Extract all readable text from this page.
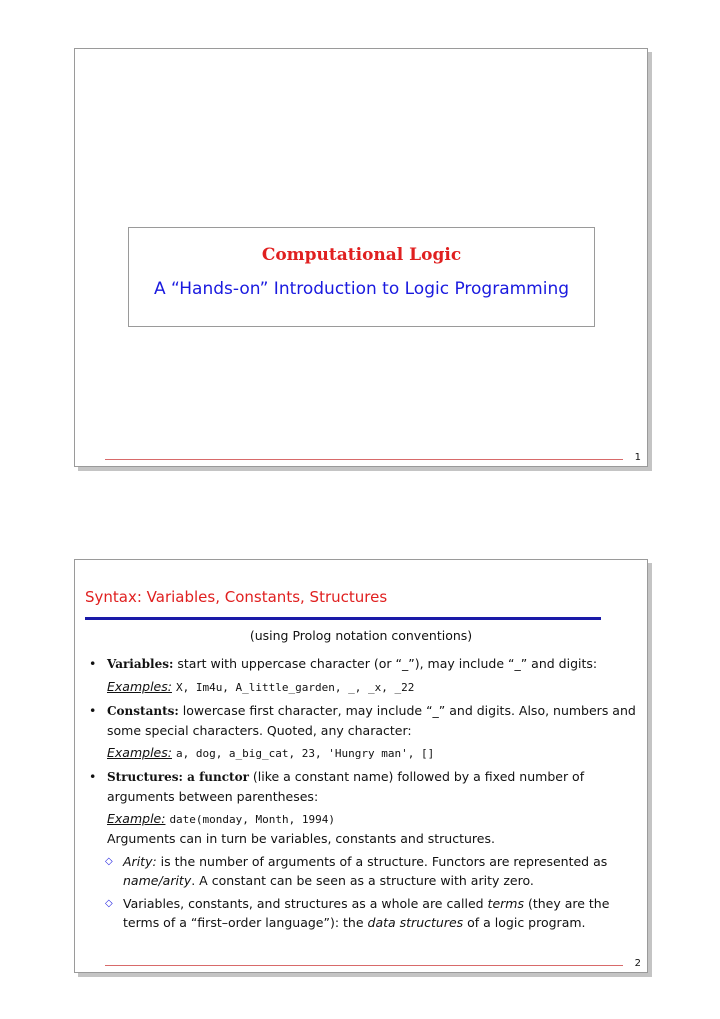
Computational Logic
A “Hands-on” Introduction to Logic Programming
1
Syntax: Variables, Constants, Structures
(using Prolog notation conventions)
• Variables: start with uppercase character (or “_”), may include “_” and digits:
Examples: X, Im4u, A_little_garden, _, _x, _22
• Constants: lowercase first character, may include “_” and digits. Also, numbers and some special characters. Quoted, any character:
Examples: a, dog, a_big_cat, 23, 'Hungry man', []
• Structures: a functor (like a constant name) followed by a fixed number of arguments between parentheses:
Example: date(monday, Month, 1994)
Arguments can in turn be variables, constants and structures.
◇ Arity: is the number of arguments of a structure. Functors are represented as name/arity. A constant can be seen as a structure with arity zero.
◇ Variables, constants, and structures as a whole are called terms (they are the terms of a “first–order language”): the data structures of a logic program.
2
